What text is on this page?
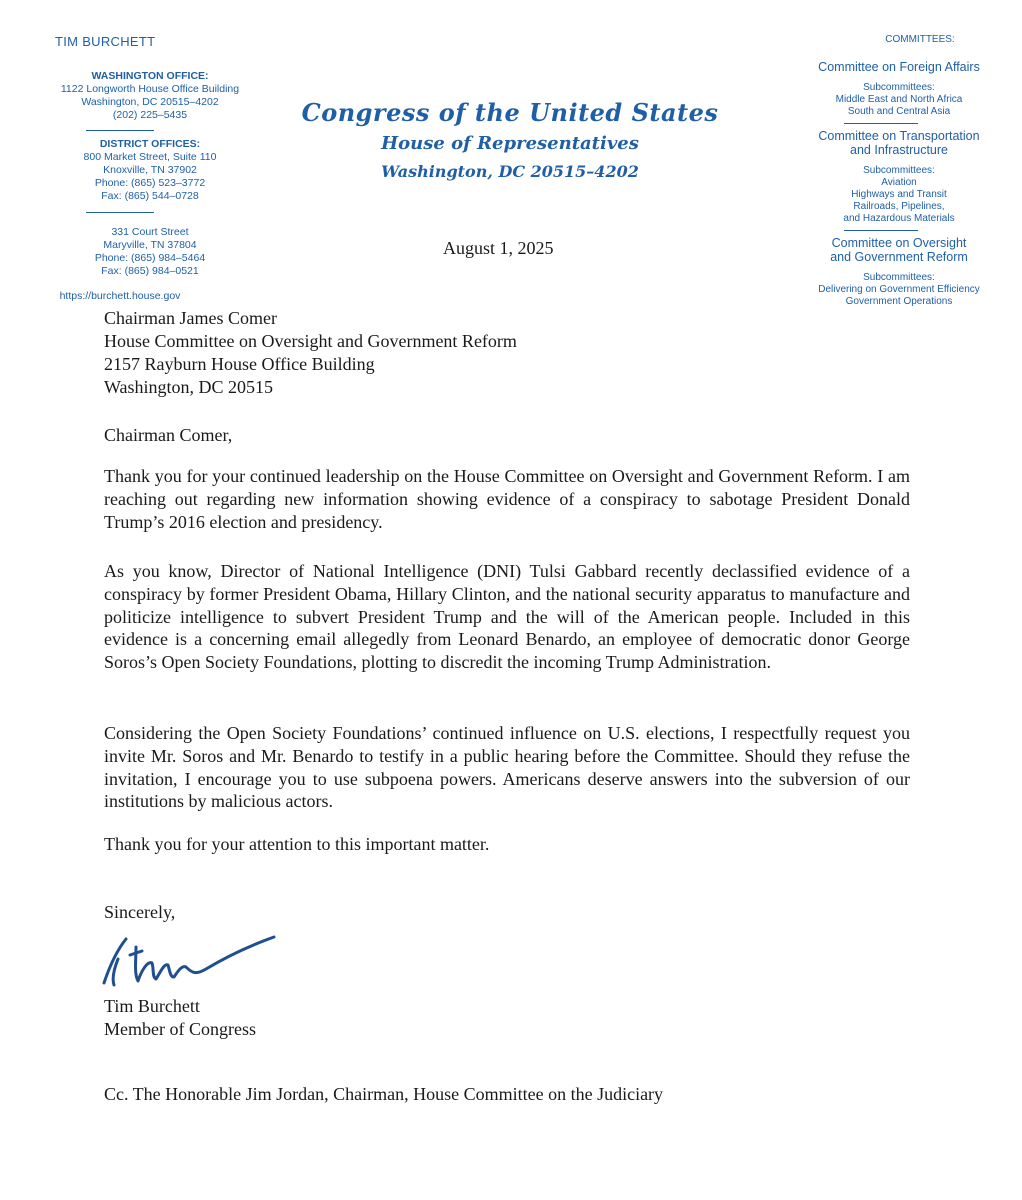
TIM BURCHETT
WASHINGTON OFFICE:
1122 Longworth House Office Building
Washington, DC 20515–4202
(202) 225–5435
DISTRICT OFFICES:
800 Market Street, Suite 110
Knoxville, TN 37902
Phone: (865) 523–3772
Fax: (865) 544–0728
331 Court Street
Maryville, TN 37804
Phone: (865) 984–5464
Fax: (865) 984–0521
https://burchett.house.gov
Congress of the United States
House of Representatives
Washington, DC 20515–4202
August 1, 2025
COMMITTEES:
Committee on Foreign Affairs
Subcommittees:
Middle East and North Africa
South and Central Asia
Committee on Transportation
and Infrastructure
Subcommittees:
Aviation
Highways and Transit
Railroads, Pipelines,
and Hazardous Materials
Committee on Oversight
and Government Reform
Subcommittees:
Delivering on Government Efficiency
Government Operations
Chairman James Comer
House Committee on Oversight and Government Reform
2157 Rayburn House Office Building
Washington, DC 20515
Chairman Comer,
Thank you for your continued leadership on the House Committee on Oversight and Government Reform. I am reaching out regarding new information showing evidence of a conspiracy to sabotage President Donald Trump’s 2016 election and presidency.
As you know, Director of National Intelligence (DNI) Tulsi Gabbard recently declassified evidence of a conspiracy by former President Obama, Hillary Clinton, and the national security apparatus to manufacture and politicize intelligence to subvert President Trump and the will of the American people. Included in this evidence is a concerning email allegedly from Leonard Benardo, an employee of democratic donor George Soros’s Open Society Foundations, plotting to discredit the incoming Trump Administration.
Considering the Open Society Foundations’ continued influence on U.S. elections, I respectfully request you invite Mr. Soros and Mr. Benardo to testify in a public hearing before the Committee. Should they refuse the invitation, I encourage you to use subpoena powers. Americans deserve answers into the subversion of our institutions by malicious actors.
Thank you for your attention to this important matter.
Sincerely,
Tim Burchett
Member of Congress
Cc. The Honorable Jim Jordan, Chairman, House Committee on the Judiciary
